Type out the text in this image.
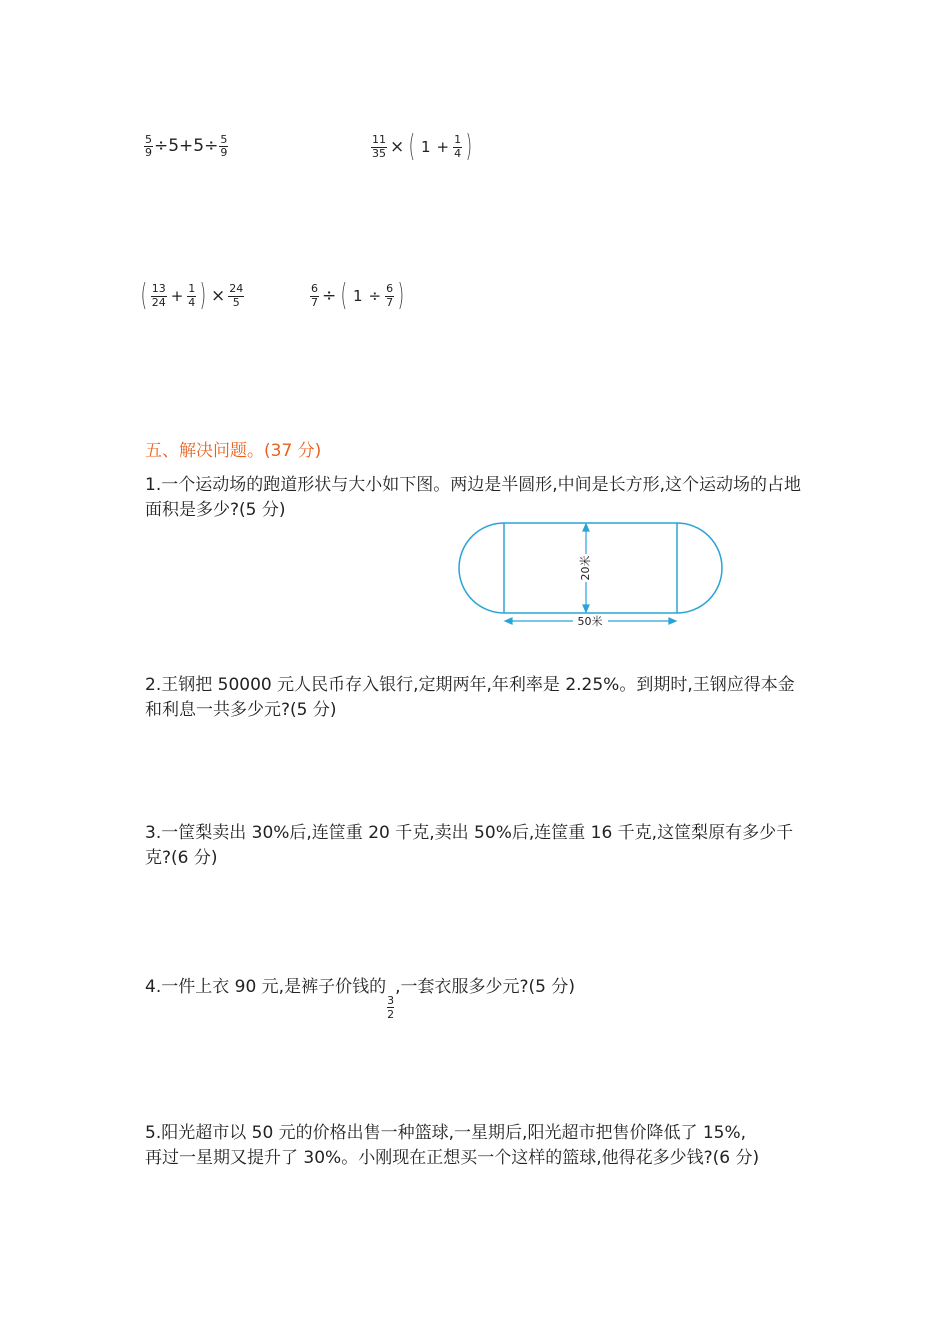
$\frac{5}{9} \div 5+5\div \frac{5}{9}$	$\frac{11}{35}$ × ( $1 + \frac{1}{4}$ )
( $\frac{13}{24} + \frac{1}{4}$ ) × $\frac{24}{5}$	$\frac{6}{7}$ ÷ ( $1 \div \frac{6}{7}$ )
五、解决问题。(37 分)
1.一个运动场的跑道形状与大小如下图。两边是半圆形,中间是长方形,这个运动场的占地面积是多少?(5 分)
20米
50米
2.王钢把 50000 元人民币存入银行,定期两年,年利率是 2.25%。到期时,王钢应得本金和利息一共多少元?(5 分)
3.一筐梨卖出 30%后,连筐重 20 千克,卖出 50%后,连筐重 16 千克,这筐梨原有多少千克?(6 分)
4.一件上衣 90 元,是裤子价钱的
$\frac{3}{2}$
,一套衣服多少元?(5 分)
5.阳光超市以 50 元的价格出售一种篮球,一星期后,阳光超市把售价降低了 15%,
再过一星期又提升了 30%。小刚现在正想买一个这样的篮球,他得花多少钱?(6 分)
